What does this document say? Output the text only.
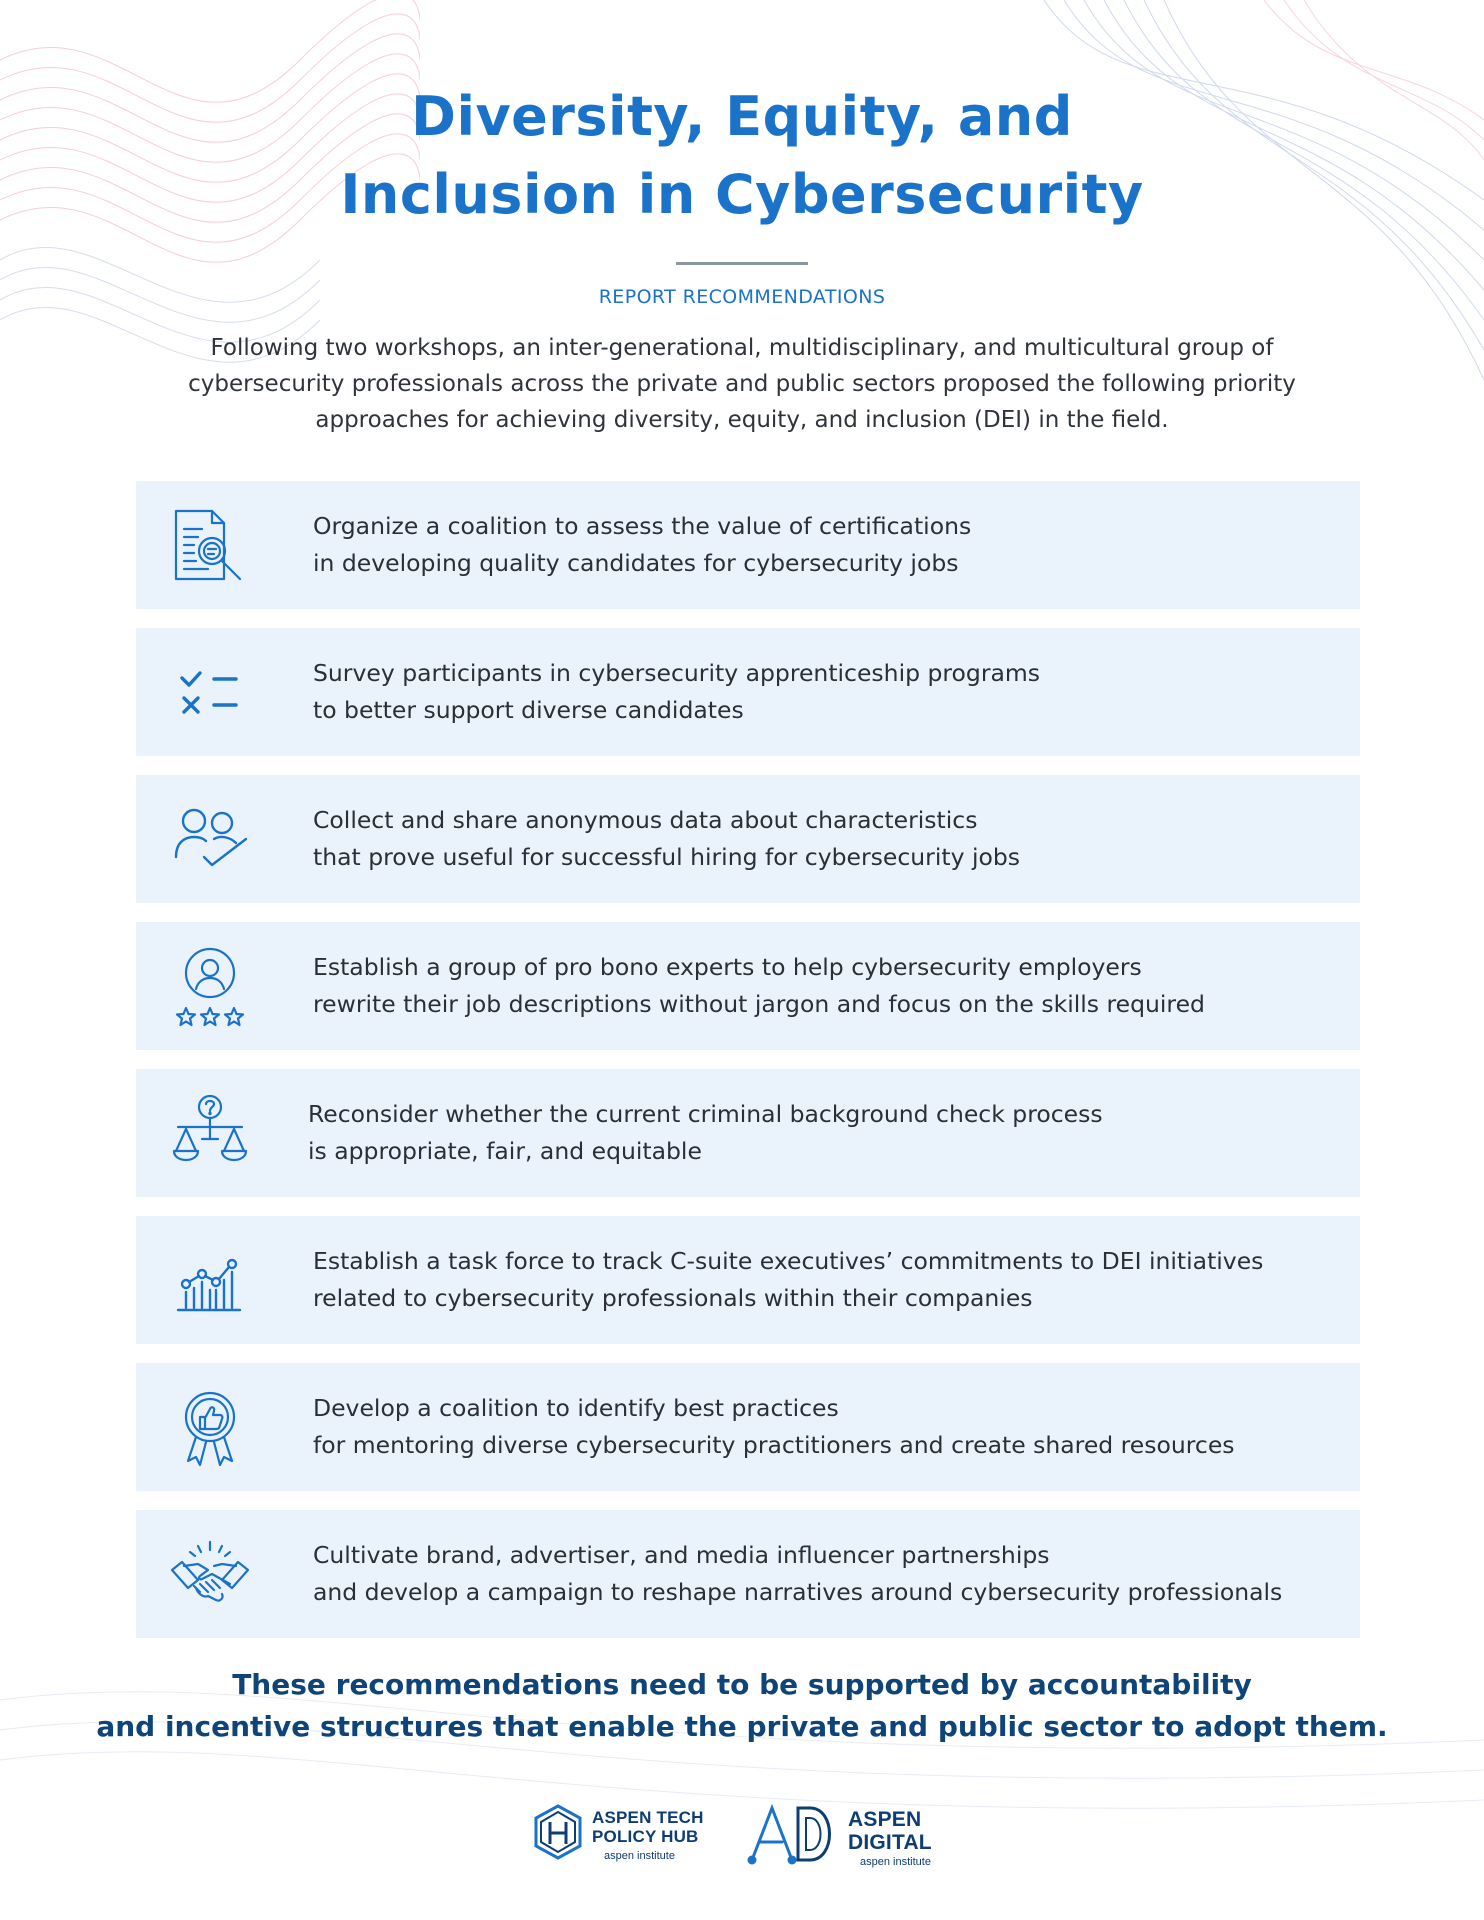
Diversity, Equity, and
Inclusion in Cybersecurity
REPORT RECOMMENDATIONS
Following two workshops, an inter-generational, multidisciplinary, and multicultural group of cybersecurity professionals across the private and public sectors proposed the following priority approaches for achieving diversity, equity, and inclusion (DEI) in the field.
Organize a coalition to assess the value of certifications
in developing quality candidates for cybersecurity jobs
Survey participants in cybersecurity apprenticeship programs
to better support diverse candidates
Collect and share anonymous data about characteristics
that prove useful for successful hiring for cybersecurity jobs
Establish a group of pro bono experts to help cybersecurity employers
rewrite their job descriptions without jargon and focus on the skills required
Reconsider whether the current criminal background check process
is appropriate, fair, and equitable
Establish a task force to track C-suite executives’ commitments to DEI initiatives
related to cybersecurity professionals within their companies
Develop a coalition to identify best practices
for mentoring diverse cybersecurity practitioners and create shared resources
Cultivate brand, advertiser, and media influencer partnerships
and develop a campaign to reshape narratives around cybersecurity professionals
These recommendations need to be supported by accountability
and incentive structures that enable the private and public sector to adopt them.
ASPEN TECH
POLICY HUB
aspen institute
ASPEN
DIGITAL
aspen institute
